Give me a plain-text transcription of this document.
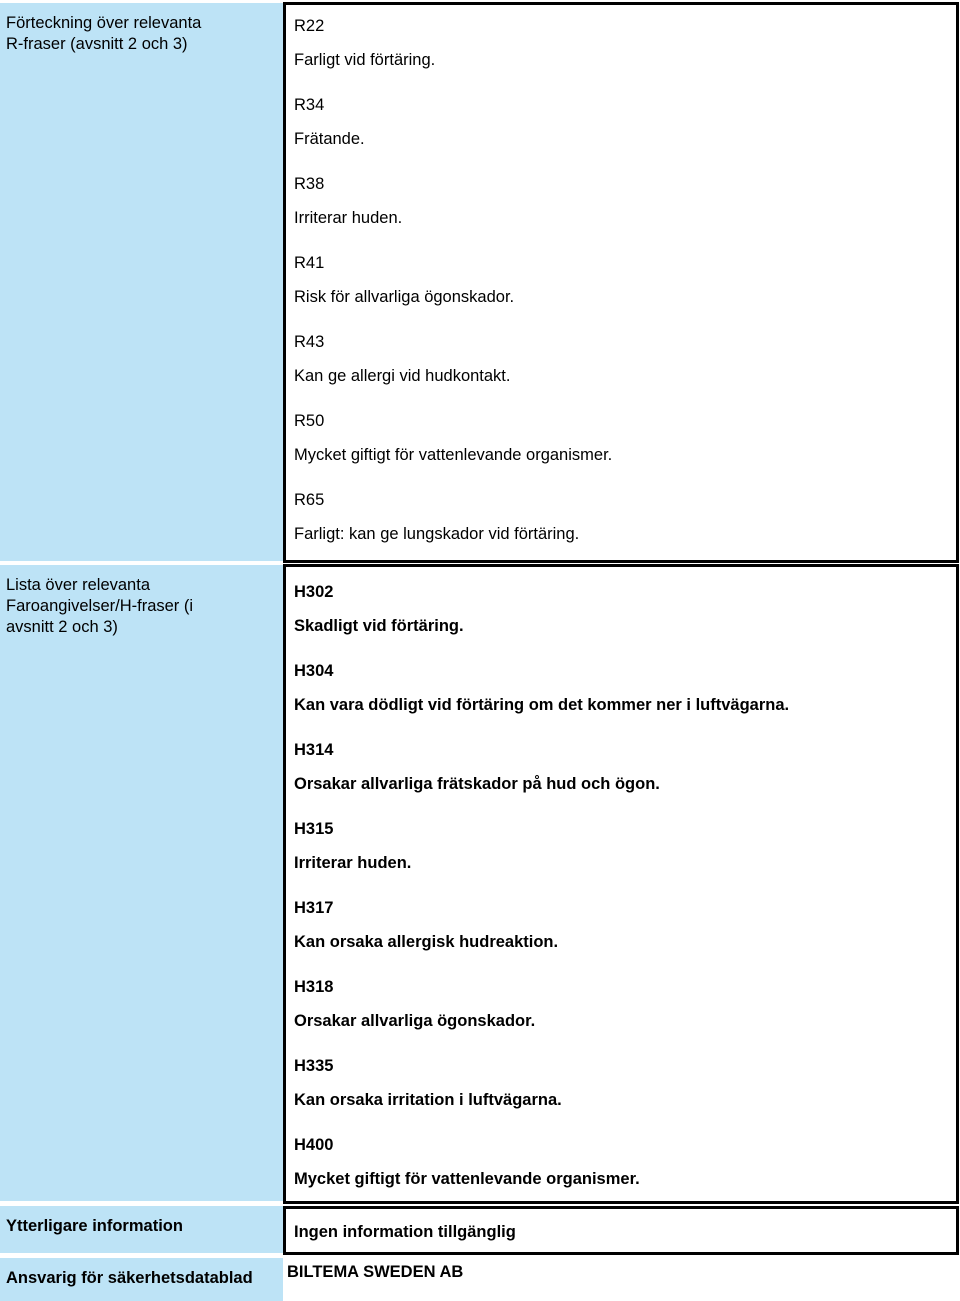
Förteckning över relevanta
R-fraser (avsnitt 2 och 3)
R22
Farligt vid förtäring.
R34
Frätande.
R38
Irriterar huden.
R41
Risk för allvarliga ögonskador.
R43
Kan ge allergi vid hudkontakt.
R50
Mycket giftigt för vattenlevande organismer.
R65
Farligt: kan ge lungskador vid förtäring.
Lista över relevanta
Faroangivelser/H-fraser (i
avsnitt 2 och 3)
H302
Skadligt vid förtäring.
H304
Kan vara dödligt vid förtäring om det kommer ner i luftvägarna.
H314
Orsakar allvarliga frätskador på hud och ögon.
H315
Irriterar huden.
H317
Kan orsaka allergisk hudreaktion.
H318
Orsakar allvarliga ögonskador.
H335
Kan orsaka irritation i luftvägarna.
H400
Mycket giftigt för vattenlevande organismer.
Ytterligare information	Ingen information tillgänglig
Ansvarig för säkerhetsdatablad	BILTEMA SWEDEN AB
